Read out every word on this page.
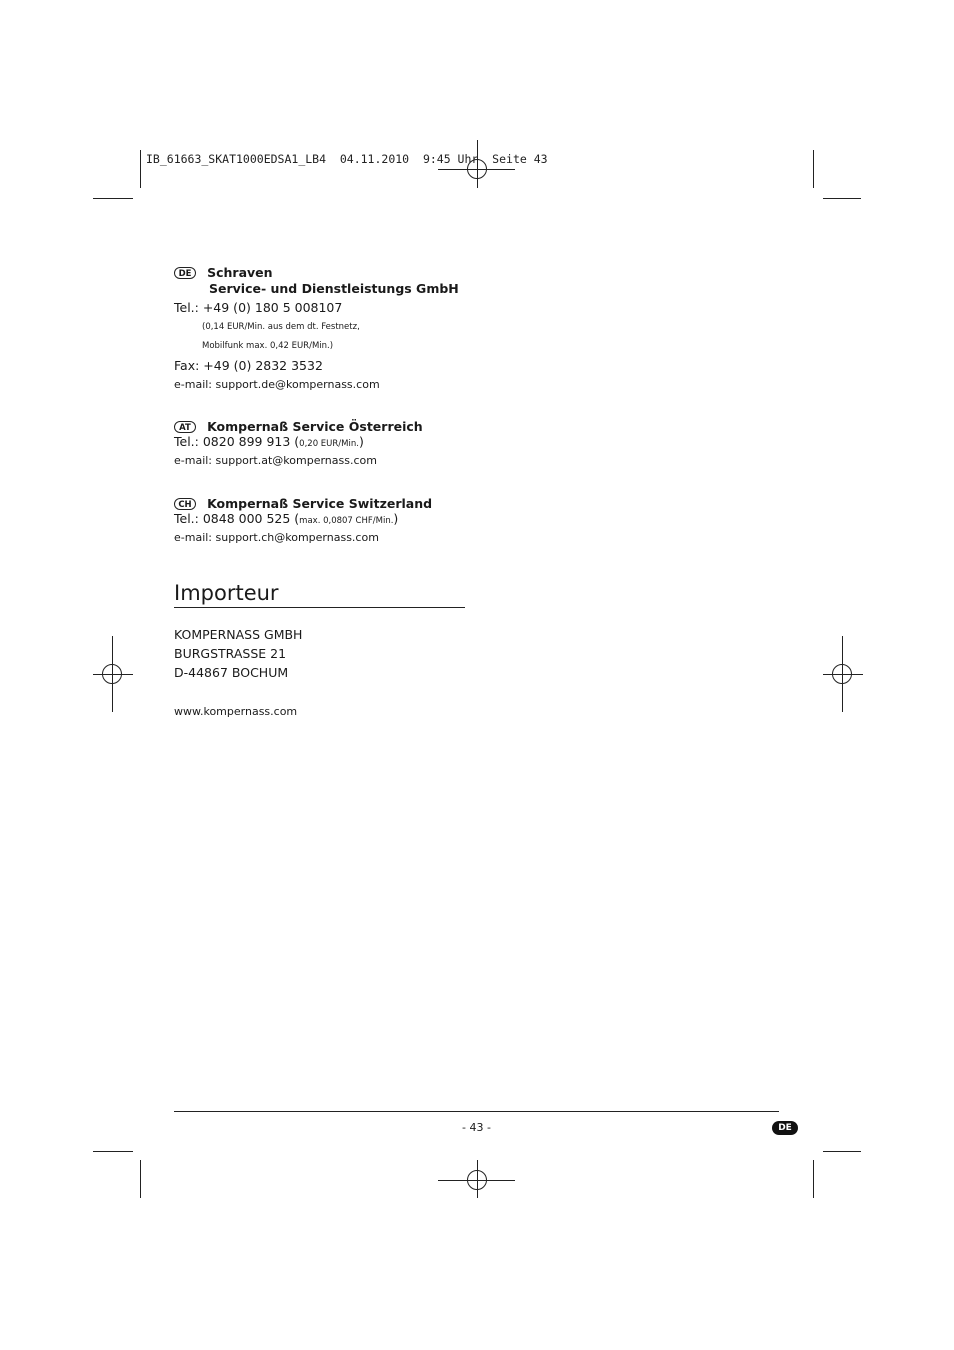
IB_61663_SKAT1000EDSA1_LB4  04.11.2010  9:45 Uhr  Seite 43
DE Schraven
Service- und Dienstleistungs GmbH
Tel.: +49 (0) 180 5 008107
(0,14 EUR/Min. aus dem dt. Festnetz,
Mobilfunk max. 0,42 EUR/Min.)
Fax: +49 (0) 2832 3532
e-mail: support.de@kompernass.com
AT Kompernaß Service Österreich
Tel.: 0820 899 913 (0,20 EUR/Min.)
e-mail: support.at@kompernass.com
CH Kompernaß Service Switzerland
Tel.: 0848 000 525 (max. 0,0807 CHF/Min.)
e-mail: support.ch@kompernass.com
Importeur
KOMPERNASS GMBH
BURGSTRASSE 21
D-44867 BOCHUM
www.kompernass.com
- 43 -	DE
